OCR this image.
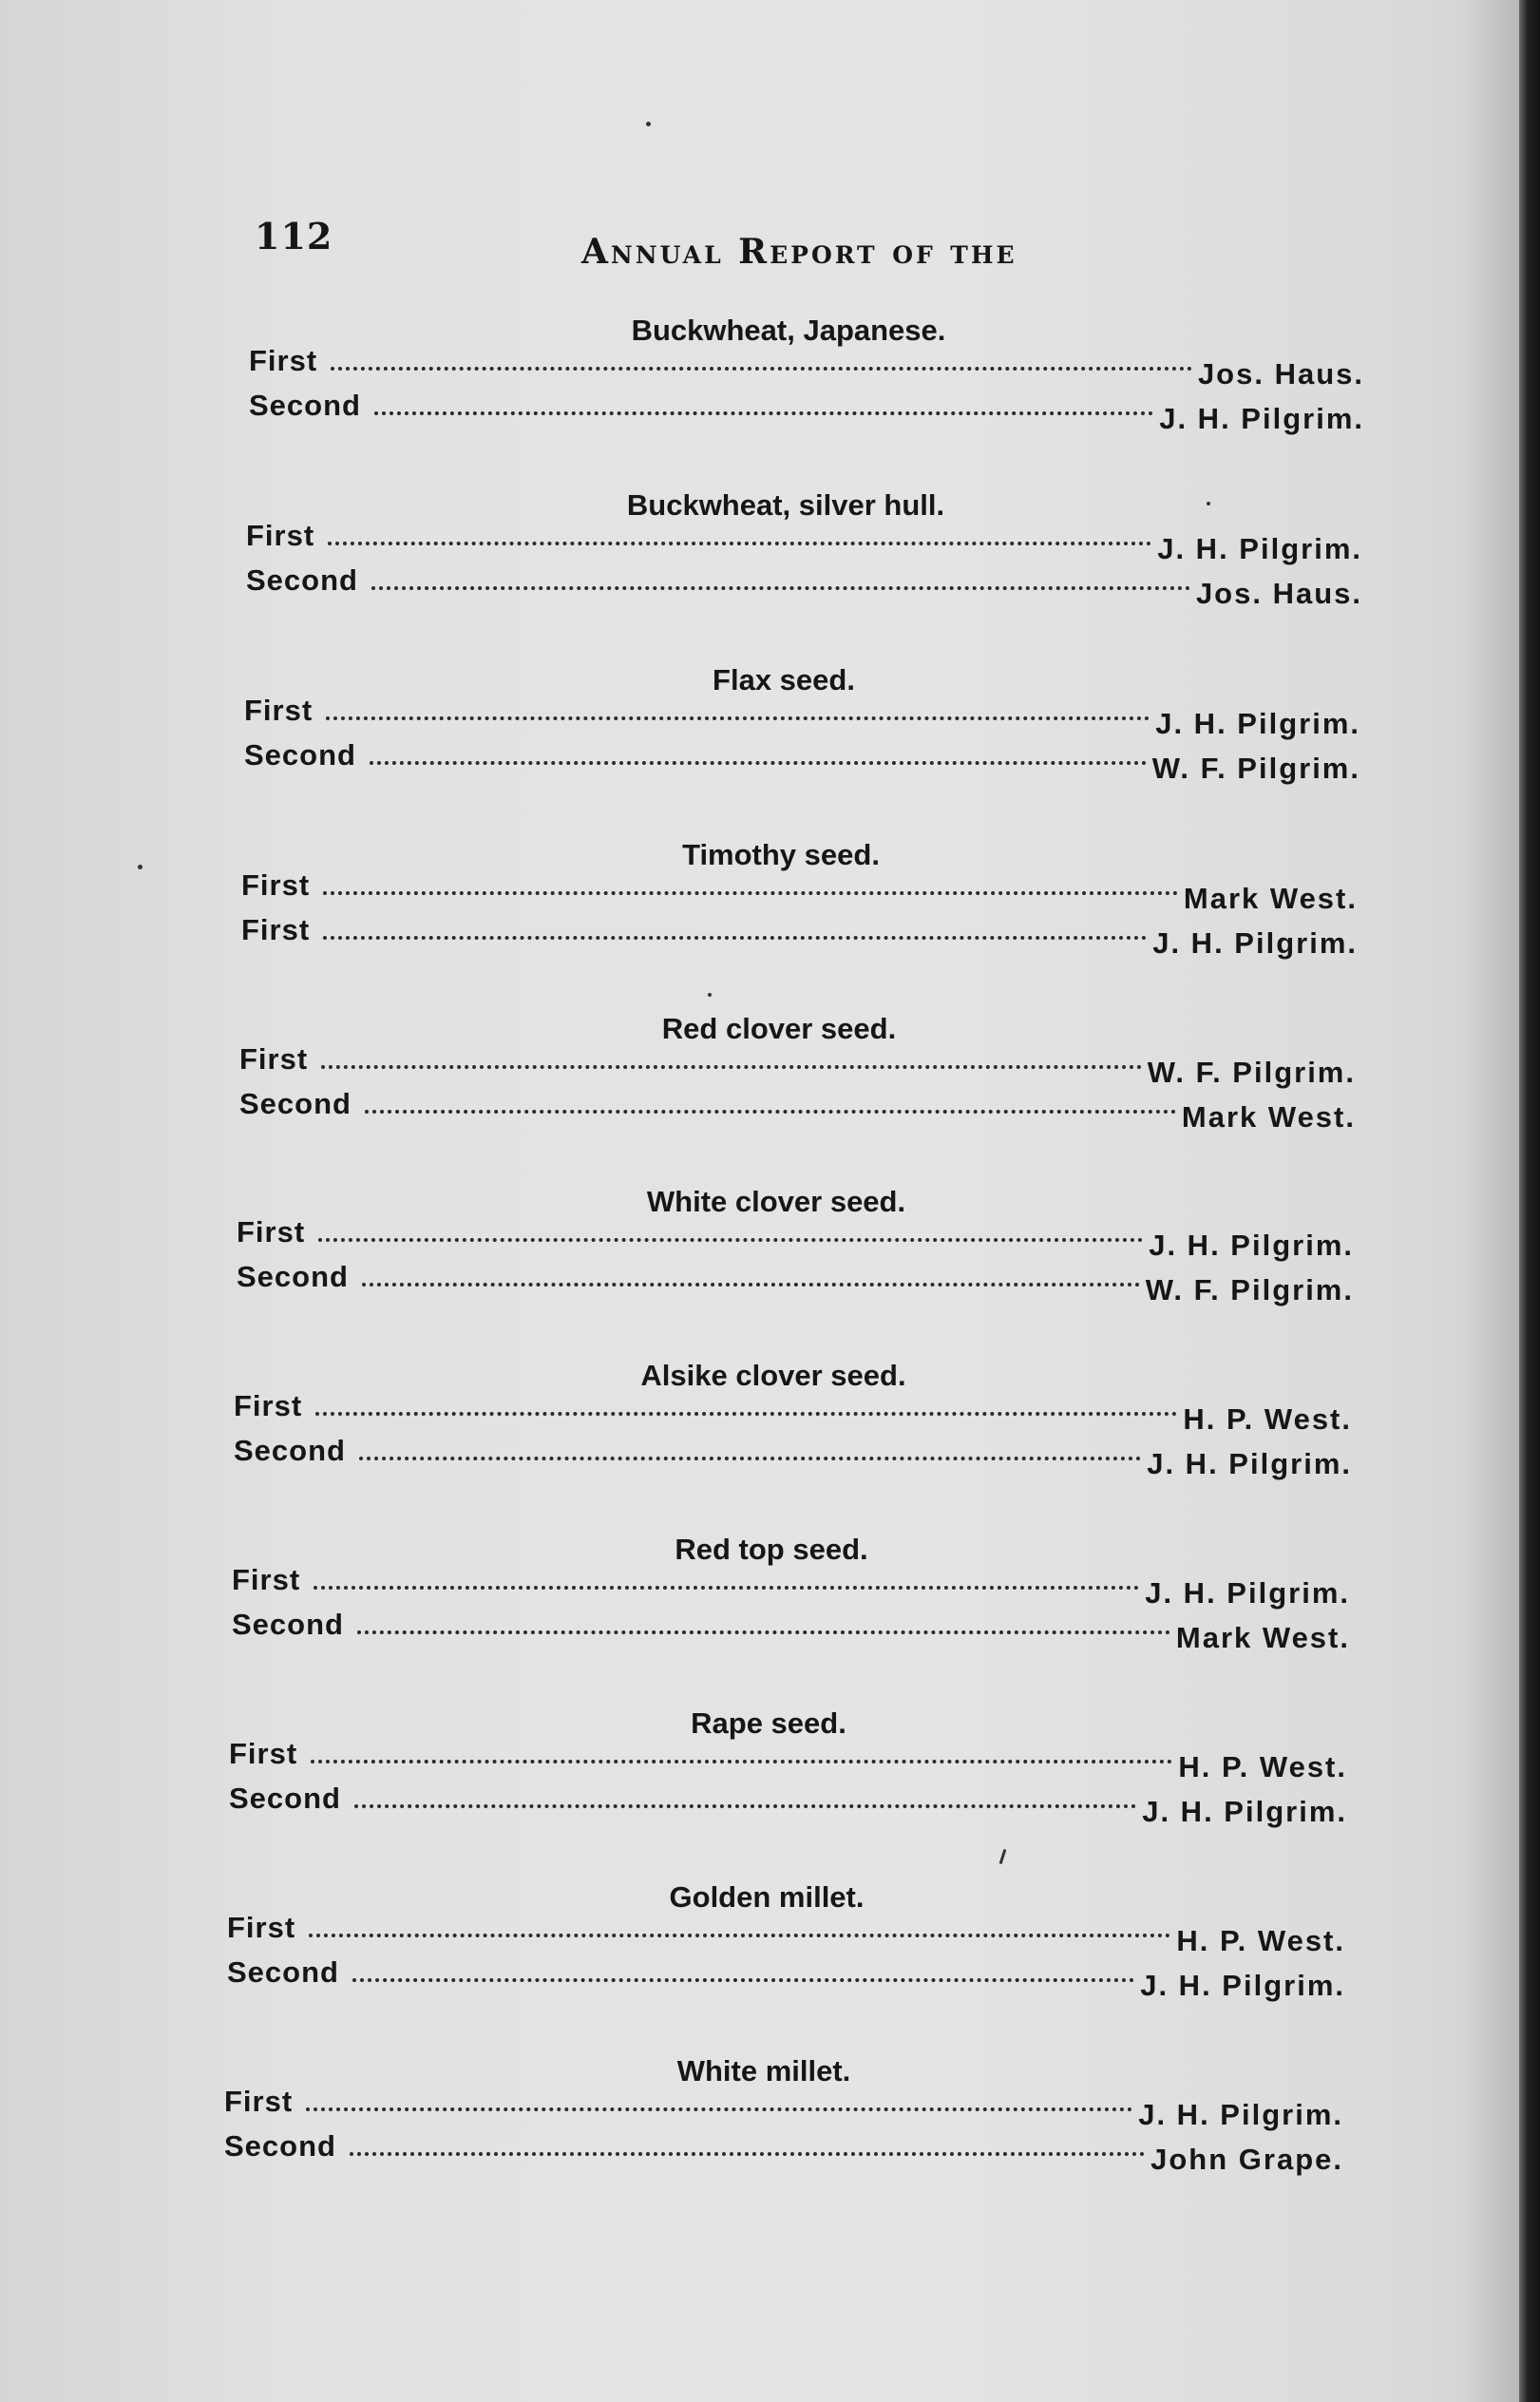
112	Annual Report of the
Buckwheat, Japanese.
First	Jos. Haus.
Second	J. H. Pilgrim.
Buckwheat, silver hull.
First	J. H. Pilgrim.
Second	Jos. Haus.
Flax seed.
First	J. H. Pilgrim.
Second	W. F. Pilgrim.
Timothy seed.
First	Mark West.
First	J. H. Pilgrim.
Red clover seed.
First	W. F. Pilgrim.
Second	Mark West.
White clover seed.
First	J. H. Pilgrim.
Second	W. F. Pilgrim.
Alsike clover seed.
First	H. P. West.
Second	J. H. Pilgrim.
Red top seed.
First	J. H. Pilgrim.
Second	Mark West.
Rape seed.
First	H. P. West.
Second	J. H. Pilgrim.
Golden millet.
First	H. P. West.
Second	J. H. Pilgrim.
White millet.
First	J. H. Pilgrim.
Second	John Grape.
